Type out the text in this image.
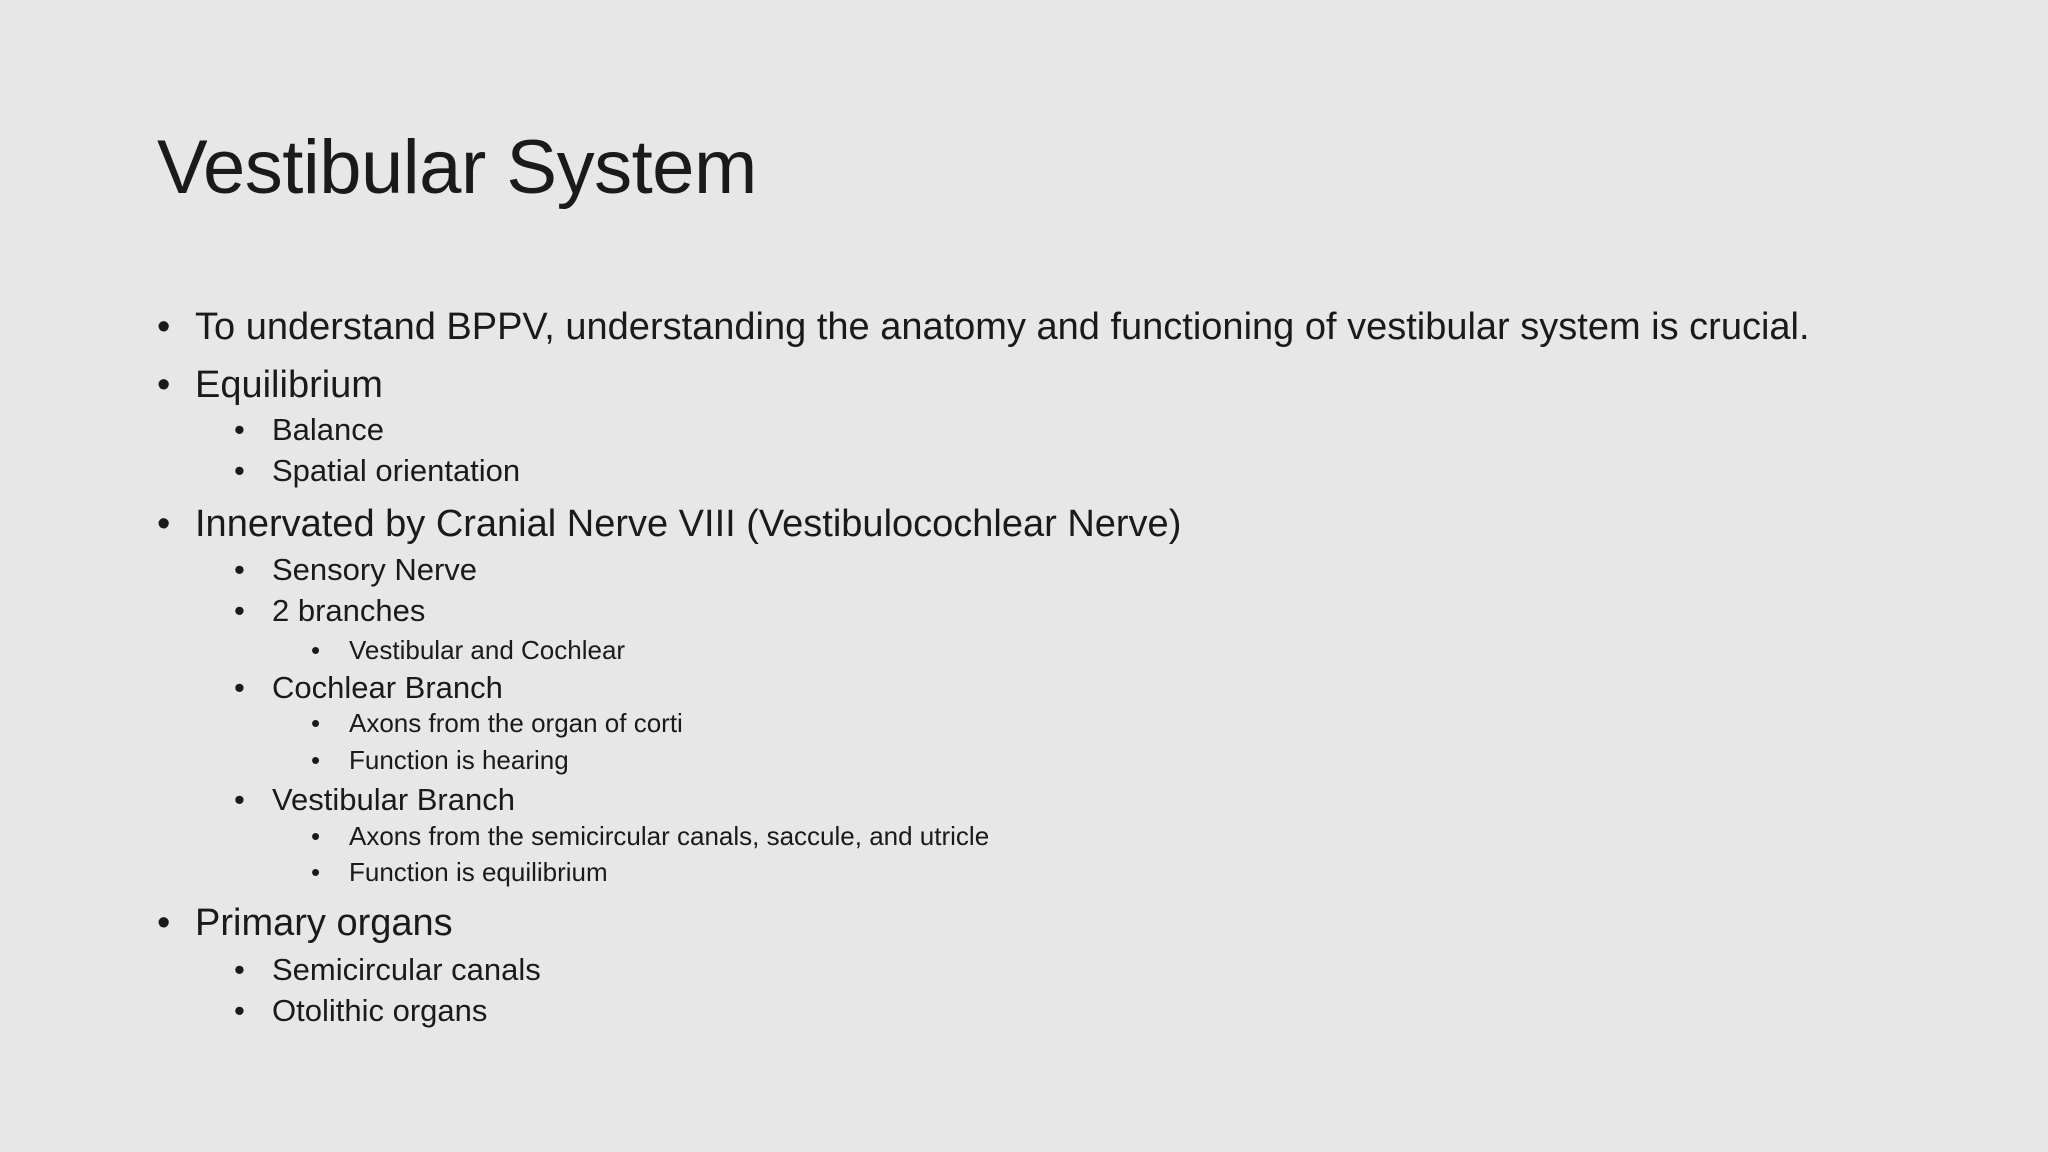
Vestibular System
• To understand BPPV, understanding the anatomy and functioning of vestibular system is crucial.
• Equilibrium
• Balance
• Spatial orientation
• Innervated by Cranial Nerve VIII (Vestibulocochlear Nerve)
• Sensory Nerve
• 2 branches
• Vestibular and Cochlear
• Cochlear Branch
• Axons from the organ of corti
• Function is hearing
• Vestibular Branch
• Axons from the semicircular canals, saccule, and utricle
• Function is equilibrium
• Primary organs
• Semicircular canals
• Otolithic organs
